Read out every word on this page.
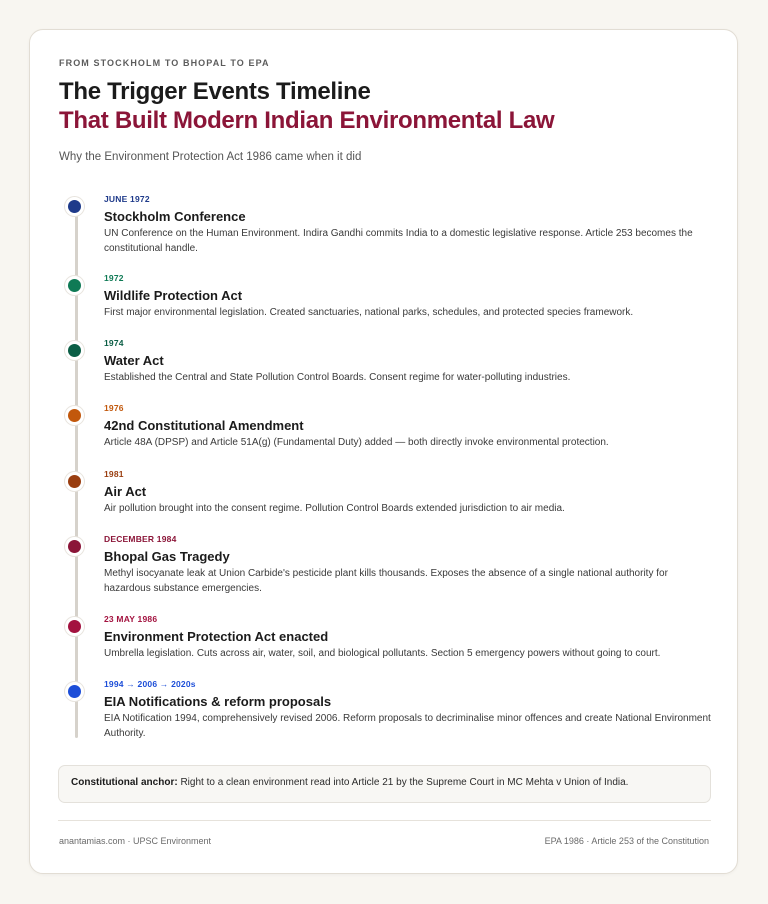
FROM STOCKHOLM TO BHOPAL TO EPA
The Trigger Events Timeline
That Built Modern Indian Environmental Law
Why the Environment Protection Act 1986 came when it did
JUNE 1972
Stockholm Conference

UN Conference on the Human Environment. Indira Gandhi commits India to a domestic legislative response. Article 253 becomes the constitutional handle.

1972
Wildlife Protection Act

First major environmental legislation. Created sanctuaries, national parks, schedules, and protected species framework.

1974
Water Act

Established the Central and State Pollution Control Boards. Consent regime for water-polluting industries.

1976
42nd Constitutional Amendment

Article 48A (DPSP) and Article 51A(g) (Fundamental Duty) added — both directly invoke environmental protection.

1981
Air Act

Air pollution brought into the consent regime. Pollution Control Boards extended jurisdiction to air media.

DECEMBER 1984
Bhopal Gas Tragedy

Methyl isocyanate leak at Union Carbide's pesticide plant kills thousands. Exposes the absence of a single national authority for hazardous substance emergencies.

23 MAY 1986
Environment Protection Act enacted

Umbrella legislation. Cuts across air, water, soil, and biological pollutants. Section 5 emergency powers without going to court.

1994 → 2006 → 2020s
EIA Notifications & reform proposals

EIA Notification 1994, comprehensively revised 2006. Reform proposals to decriminalise minor offences and create National Environment Authority.

Constitutional anchor: Right to a clean environment read into Article 21 by the Supreme Court in MC Mehta v Union of India.
anantamias.com · UPSC Environment	EPA 1986 · Article 253 of the Constitution
